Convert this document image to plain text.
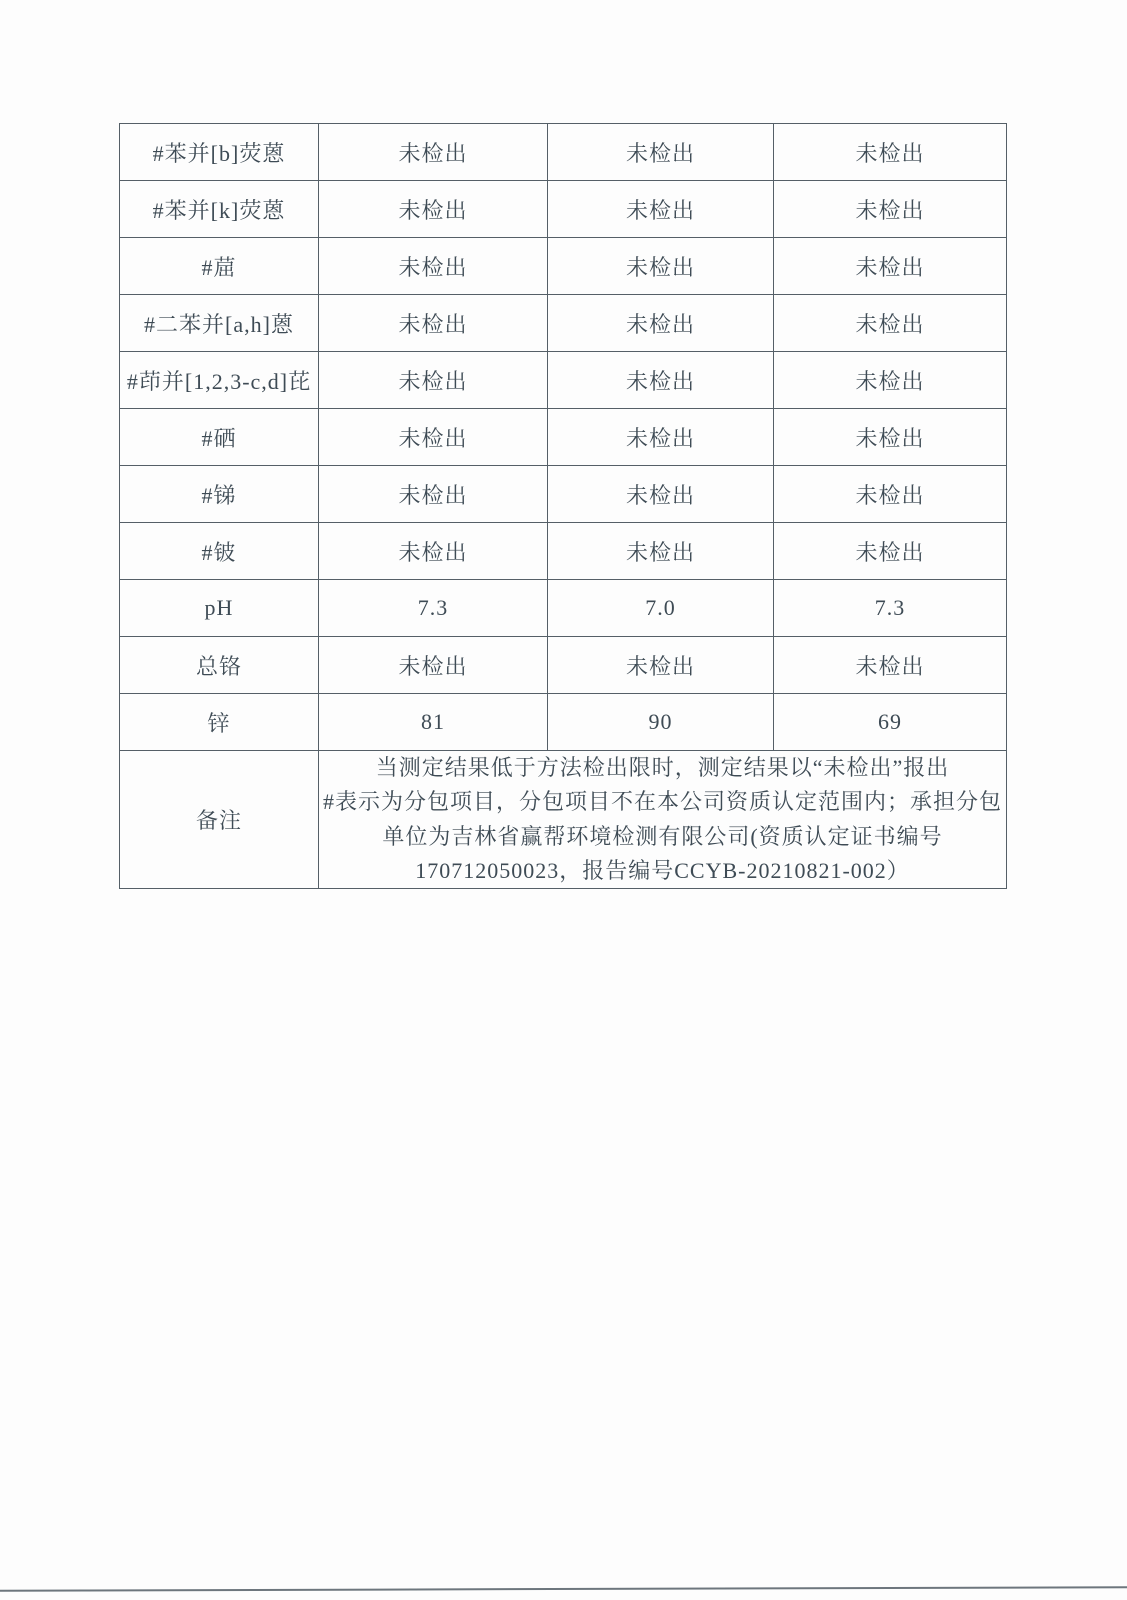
#苯并[b]荧蒽	未检出	未检出	未检出
#苯并[k]荧蒽	未检出	未检出	未检出
#䓛	未检出	未检出	未检出
#二苯并[a,h]蒽	未检出	未检出	未检出
#茚并[1,2,3-c,d]芘	未检出	未检出	未检出
#硒	未检出	未检出	未检出
#锑	未检出	未检出	未检出
#铍	未检出	未检出	未检出
pH	7.3	7.0	7.3
总铬	未检出	未检出	未检出
锌	81	90	69
备注	当测定结果低于方法检出限时，测定结果以“未检出”报出
#表示为分包项目，分包项目不在本公司资质认定范围内；承担分包单位为吉林省赢帮环境检测有限公司(资质认定证书编号 170712050023，报告编号CCYB-20210821-002）		
